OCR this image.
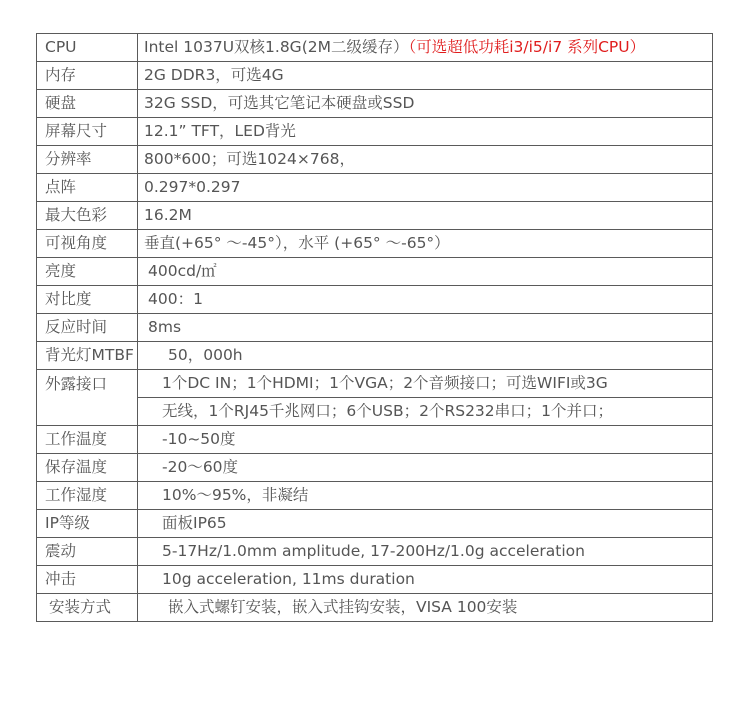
CPU	Intel 1037U双核1.8G(2M二级缓存）（可选超低功耗i3/i5/i7 系列CPU）
内存	2G DDR3，可选4G
硬盘	32G SSD，可选其它笔记本硬盘或SSD
屏幕尺寸	12.1” TFT，LED背光
分辨率	800*600；可选1024×768，
点阵	0.297*0.297
最大色彩	16.2M
可视角度	垂直(+65° ～-45°），水平 (+65° ～-65°）
亮度	400cd/㎡
对比度	400：1
反应时间	8ms
背光灯MTBF	50，000h
外露接口	1个DC IN；1个HDMI；1个VGA；2个音频接口；可选WIFI或3G
	无线，1个RJ45千兆网口；6个USB；2个RS232串口；1个并口；
工作温度	-10~50度
保存温度	-20～60度
工作湿度	10%～95%，非凝结
IP等级	面板IP65
震动	5-17Hz/1.0mm amplitude, 17-200Hz/1.0g acceleration
冲击	10g acceleration, 11ms duration
安装方式	嵌入式螺钉安装，嵌入式挂钩安装，VISA 100安装
